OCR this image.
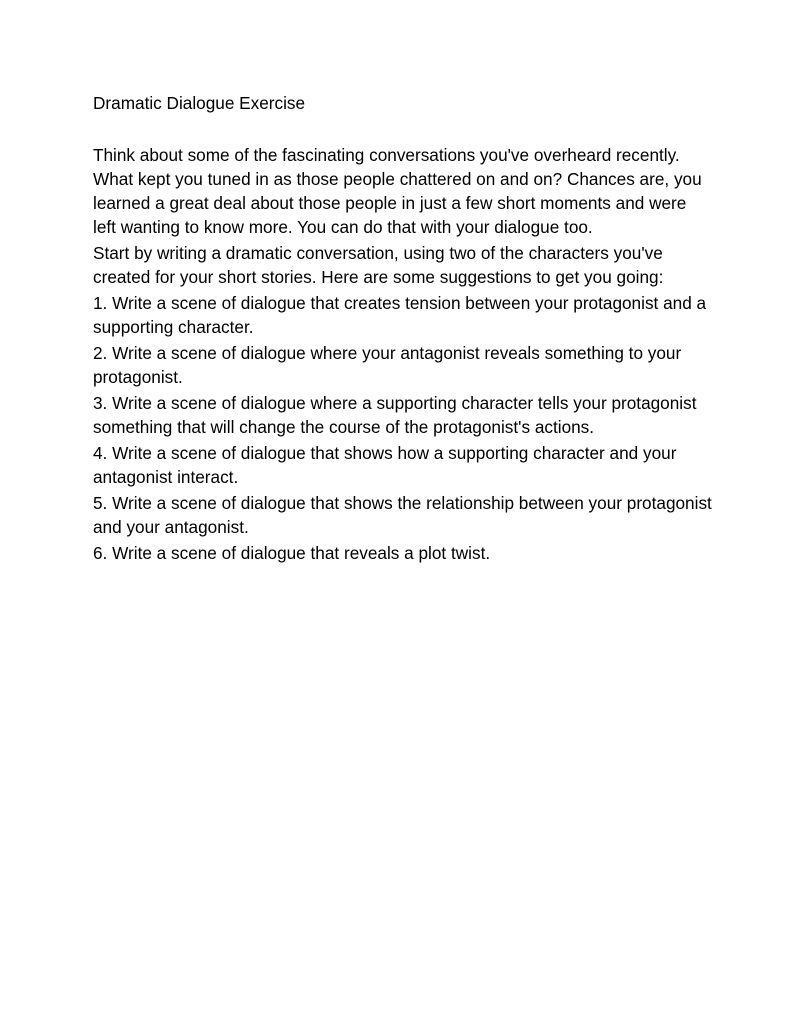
Dramatic Dialogue Exercise
Think about some of the fascinating conversations you've overheard recently. What kept you tuned in as those people chattered on and on? Chances are, you learned a great deal about those people in just a few short moments and were left wanting to know more. You can do that with your dialogue too.
Start by writing a dramatic conversation, using two of the characters you've created for your short stories. Here are some suggestions to get you going:
1. Write a scene of dialogue that creates tension between your protagonist and a supporting character.
2. Write a scene of dialogue where your antagonist reveals something to your protagonist.
3. Write a scene of dialogue where a supporting character tells your protagonist something that will change the course of the protagonist's actions.
4. Write a scene of dialogue that shows how a supporting character and your antagonist interact.
5. Write a scene of dialogue that shows the relationship between your protagonist and your antagonist.
6. Write a scene of dialogue that reveals a plot twist.
